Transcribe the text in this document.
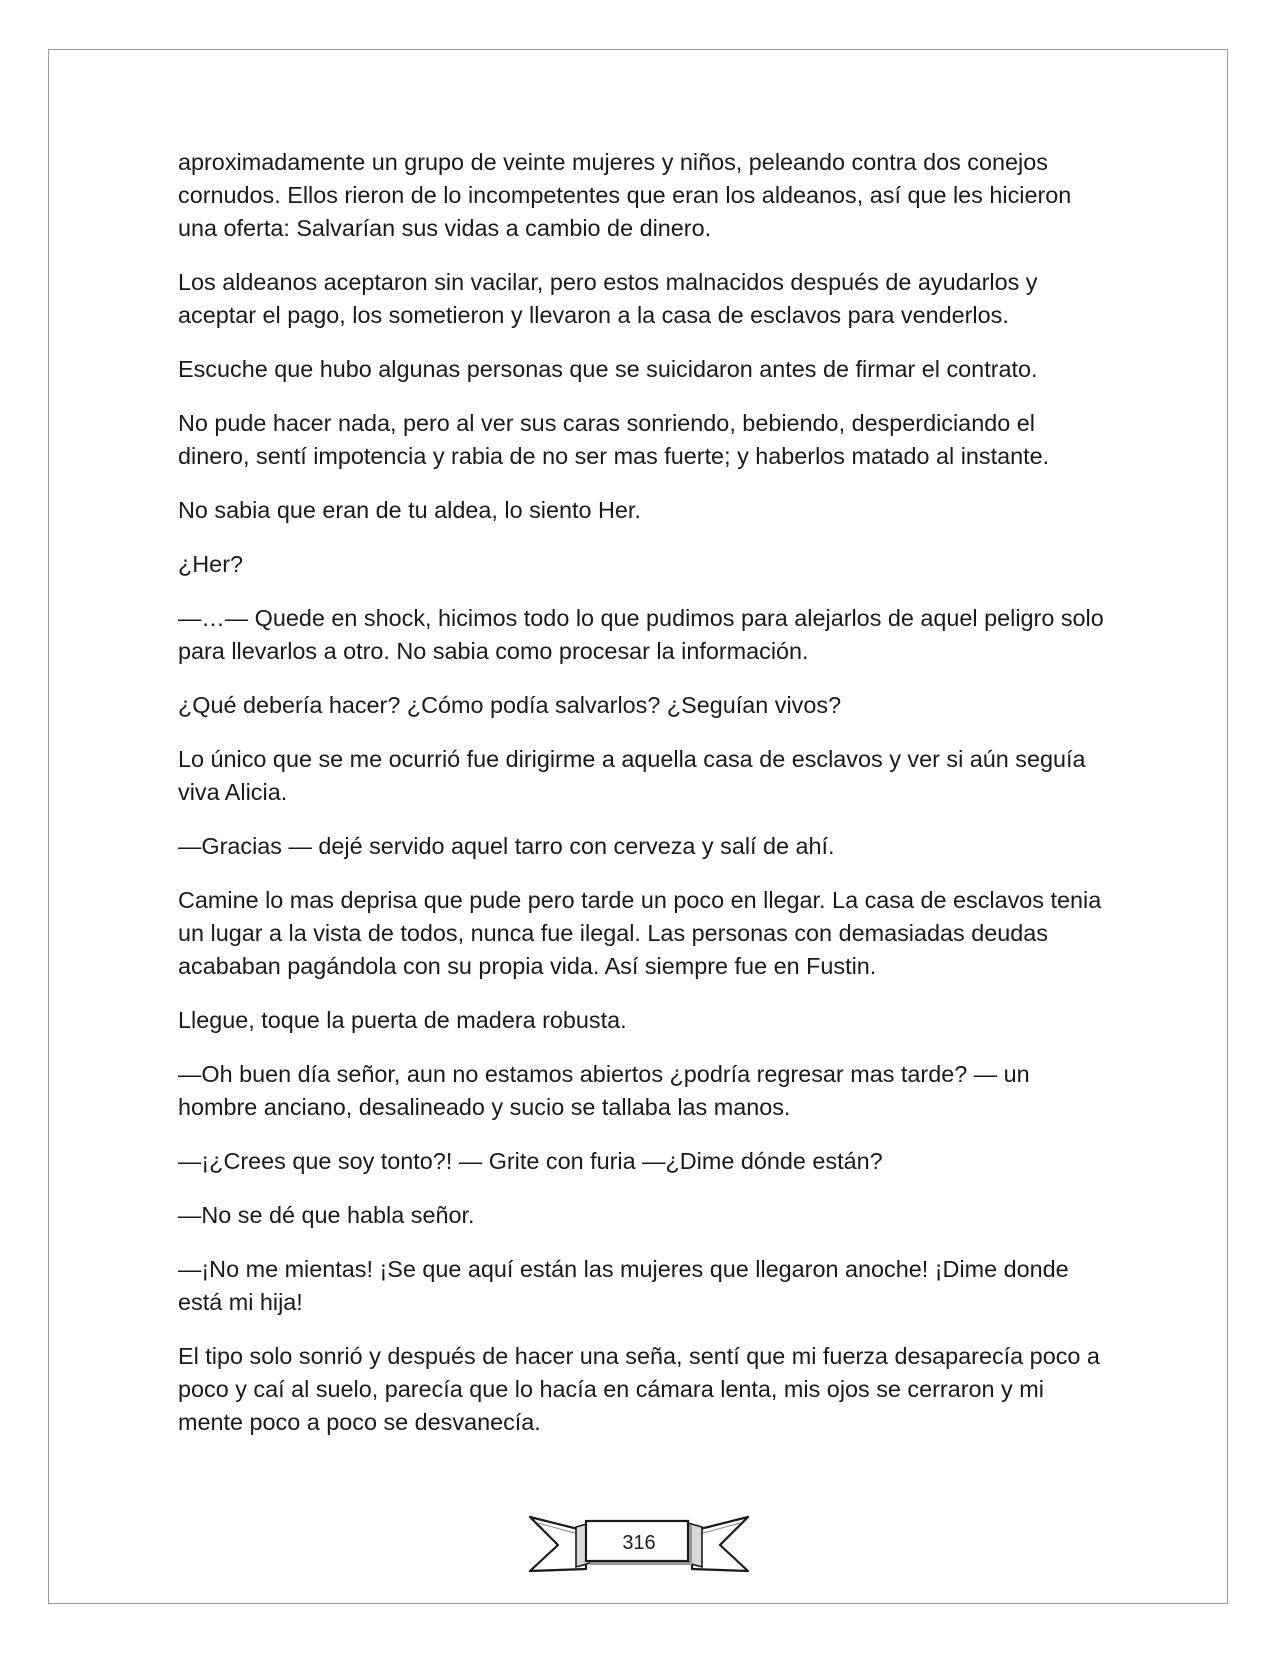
aproximadamente un grupo de veinte mujeres y niños, peleando contra dos conejos cornudos. Ellos rieron de lo incompetentes que eran los aldeanos, así que les hicieron una oferta: Salvarían sus vidas a cambio de dinero.

Los aldeanos aceptaron sin vacilar, pero estos malnacidos después de ayudarlos y aceptar el pago, los sometieron y llevaron a la casa de esclavos para venderlos.

Escuche que hubo algunas personas que se suicidaron antes de firmar el contrato.

No pude hacer nada, pero al ver sus caras sonriendo, bebiendo, desperdiciando el dinero, sentí impotencia y rabia de no ser mas fuerte; y haberlos matado al instante.

No sabia que eran de tu aldea, lo siento Her.

¿Her?

—…— Quede en shock, hicimos todo lo que pudimos para alejarlos de aquel peligro solo para llevarlos a otro. No sabia como procesar la información.

¿Qué debería hacer? ¿Cómo podía salvarlos? ¿Seguían vivos?

Lo único que se me ocurrió fue dirigirme a aquella casa de esclavos y ver si aún seguía viva Alicia.

—Gracias — dejé servido aquel tarro con cerveza y salí de ahí.

Camine lo mas deprisa que pude pero tarde un poco en llegar. La casa de esclavos tenia un lugar a la vista de todos, nunca fue ilegal. Las personas con demasiadas deudas acababan pagándola con su propia vida. Así siempre fue en Fustin.

Llegue, toque la puerta de madera robusta.

—Oh buen día señor, aun no estamos abiertos ¿podría regresar mas tarde? — un hombre anciano, desalineado y sucio se tallaba las manos.

—¡¿Crees que soy tonto?! — Grite con furia —¿Dime dónde están?

—No se dé que habla señor.

—¡No me mientas! ¡Se que aquí están las mujeres que llegaron anoche! ¡Dime donde está mi hija!

El tipo solo sonrió y después de hacer una seña, sentí que mi fuerza desaparecía poco a poco y caí al suelo, parecía que lo hacía en cámara lenta, mis ojos se cerraron y mi mente poco a poco se desvanecía.

316
